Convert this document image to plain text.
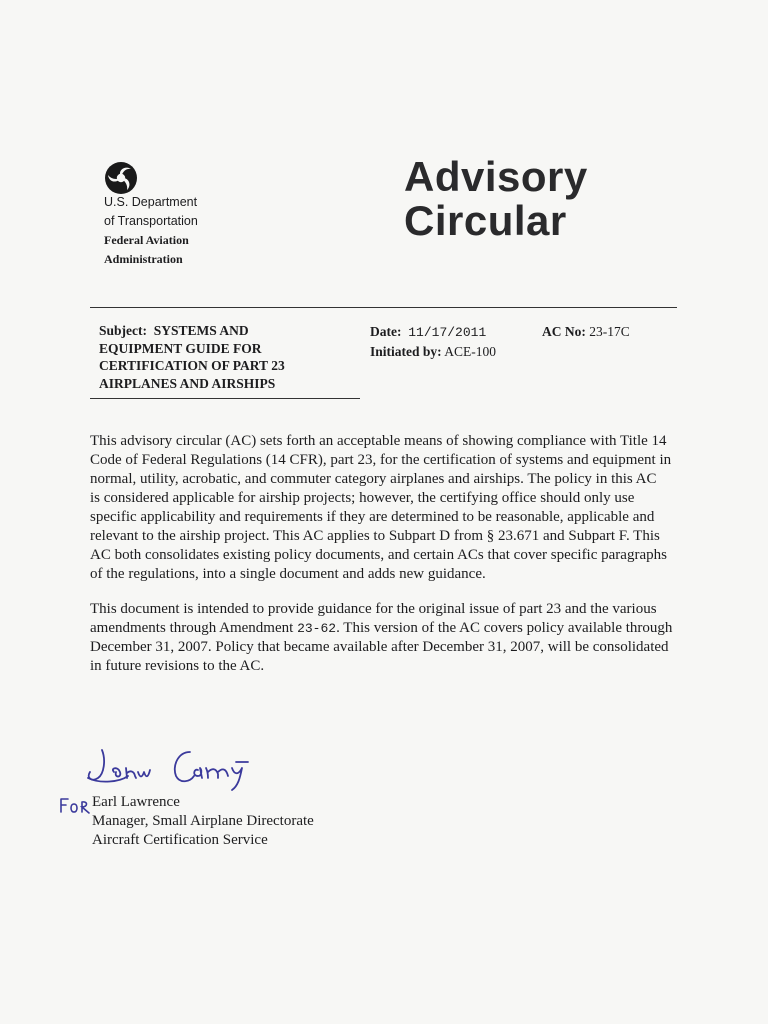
U.S. Department
of Transportation
Federal Aviation
Administration
Advisory
Circular
Subject: SYSTEMS AND
EQUIPMENT GUIDE FOR
CERTIFICATION OF PART 23
AIRPLANES AND AIRSHIPS
Date: 11/17/2011
Initiated by: ACE-100
AC No: 23-17C
This advisory circular (AC) sets forth an acceptable means of showing compliance with Title 14
Code of Federal Regulations (14 CFR), part 23, for the certification of systems and equipment in
normal, utility, acrobatic, and commuter category airplanes and airships. The policy in this AC
is considered applicable for airship projects; however, the certifying office should only use
specific applicability and requirements if they are determined to be reasonable, applicable and
relevant to the airship project. This AC applies to Subpart D from § 23.671 and Subpart F. This
AC both consolidates existing policy documents, and certain ACs that cover specific paragraphs
of the regulations, into a single document and adds new guidance.
This document is intended to provide guidance for the original issue of part 23 and the various
amendments through Amendment 23-62. This version of the AC covers policy available through
December 31, 2007. Policy that became available after December 31, 2007, will be consolidated
in future revisions to the AC.
Earl Lawrence
Manager, Small Airplane Directorate
Aircraft Certification Service
